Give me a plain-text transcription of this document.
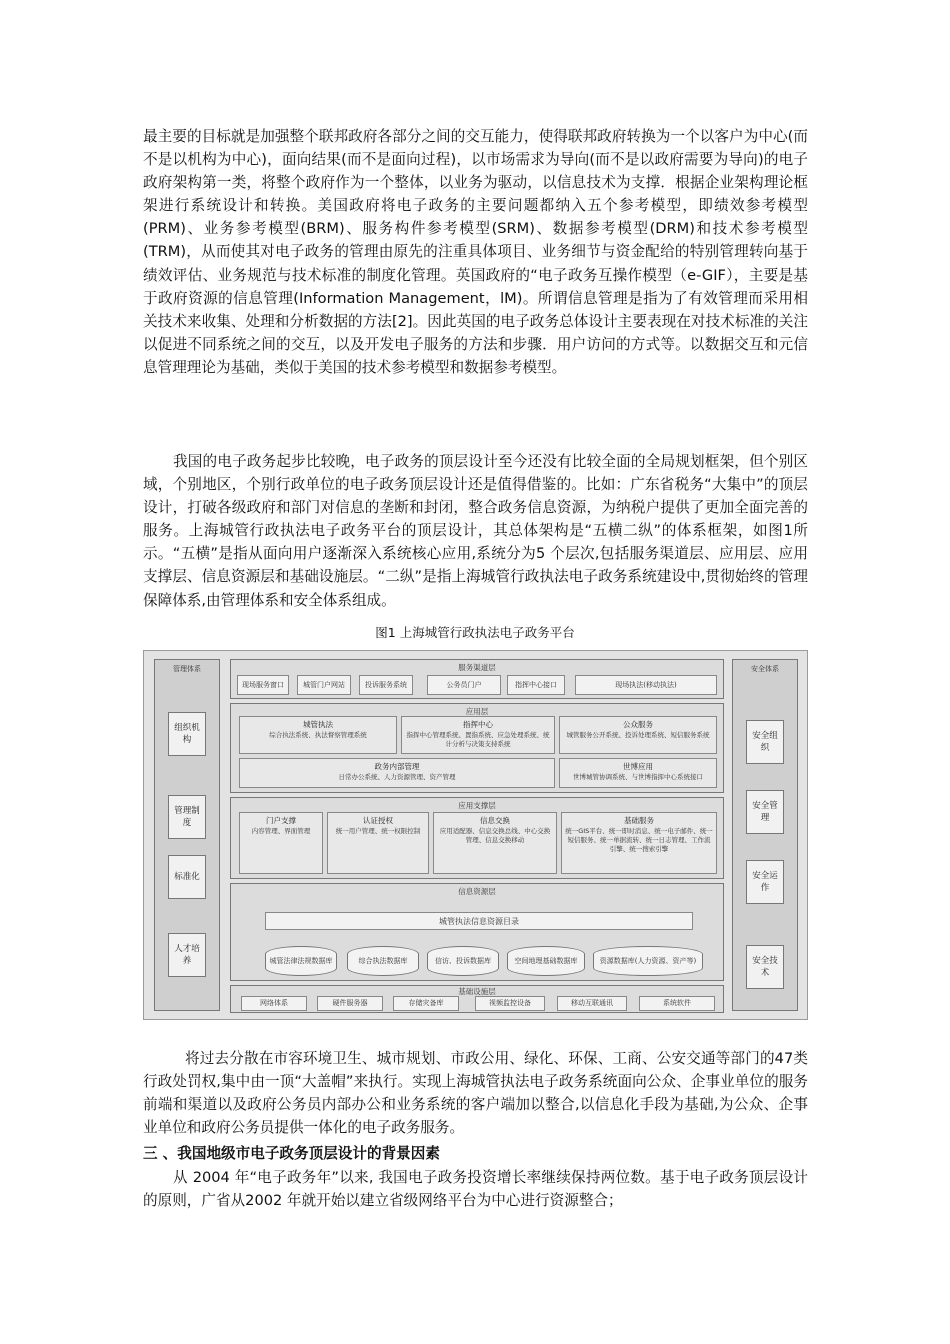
最主要的目标就是加强整个联邦政府各部分之间的交互能力，使得联邦政府转换为一个以客户为中心(而不是以机构为中心)，面向结果(而不是面向过程)，以市场需求为导向(而不是以政府需要为导向)的电子政府架构第一类，将整个政府作为一个整体，以业务为驱动，以信息技术为支撑．根据企业架构理论框架进行系统设计和转换。美国政府将电子政务的主要问题都纳入五个参考模型，即绩效参考模型(PRM)、业务参考模型(BRM)、服务构件参考模型(SRM)、数据参考模型(DRM)和技术参考模型(TRM)，从而使其对电子政务的管理由原先的注重具体项目、业务细节与资金配给的特别管理转向基于绩效评估、业务规范与技术标准的制度化管理。英国政府的“电子政务互操作模型（e-GIF），主要是基于政府资源的信息管理(Information Management，lM)。所谓信息管理是指为了有效管理而采用相关技术来收集、处理和分析数据的方法[2]。因此英国的电子政务总体设计主要表现在对技术标准的关注以促进不同系统之间的交互，以及开发电子服务的方法和步骤．用户访问的方式等。以数据交互和元信息管理理论为基础，类似于美国的技术参考模型和数据参考模型。

我国的电子政务起步比较晚，电子政务的顶层设计至今还没有比较全面的全局规划框架，但个别区域，个别地区，个别行政单位的电子政务顶层设计还是值得借鉴的。比如：广东省税务“大集中”的顶层设计，打破各级政府和部门对信息的垄断和封闭，整合政务信息资源，为纳税户提供了更加全面完善的服务。上海城管行政执法电子政务平台的顶层设计，其总体架构是“五横二纵”的体系框架，如图1所示。“五横”是指从面向用户逐渐深入系统核心应用,系统分为5 个层次,包括服务渠道层、应用层、应用支撑层、信息资源层和基础设施层。“二纵”是指上海城管行政执法电子政务系统建设中,贯彻始终的管理保障体系,由管理体系和安全体系组成。

图1 上海城管行政执法电子政务平台
管理体系
组织机构
管理制度
标准化
人才培养
服务渠道层
现场服务窗口	城管门户网站	投诉服务系统	公务员门户	指挥中心接口	现场执法(移动执法)
应用层
城管执法
综合执法系统、执法督察管理系统
指挥中心
指挥中心管理系统、置指系统、应急处理系统、统计分析与决策支持系统
公众服务
城管服务公开系统、投诉处理系统、短信服务系统
政务内部管理
日常办公系统、人力资源管理、资产管理
世博应用
世博城管协调系统、与世博指挥中心系统接口
应用支撑层
门户支撑
内容管理、界面管理
认证授权
统一用户管理、统一权限控制
信息交换
应用适配器、信息交换总线、中心交换管理、信息交换移动
基础服务
统一GIS平台、统一即时消息、统一电子邮件、统一短信服务、统一单据流转、统一日志管理、工作流引擎、统一搜索引擎
信息资源层
城管执法信息资源目录
城管法律法规数据库	综合执法数据库	信访、投诉数据库	空间地理基础数据库	资源数据库(人力资源、资产等)
基础设施层
网络体系	硬件服务器	存储灾备库	视频监控设备	移动互联通讯	系统软件
安全体系
安全组织
安全管理
安全运作
安全技术

将过去分散在市容环境卫生、城市规划、市政公用、绿化、环保、工商、公安交通等部门的47类行政处罚权,集中由一顶“大盖帽”来执行。实现上海城管执法电子政务系统面向公众、企事业单位的服务前端和渠道以及政府公务员内部办公和业务系统的客户端加以整合,以信息化手段为基础,为公众、企事业单位和政府公务员提供一体化的电子政务服务。

三 、我国地级市电子政务顶层设计的背景因素

从 2004 年“电子政务年”以来, 我国电子政务投资增长率继续保持两位数。基于电子政务顶层设计的原则，广省从2002 年就开始以建立省级网络平台为中心进行资源整合；
